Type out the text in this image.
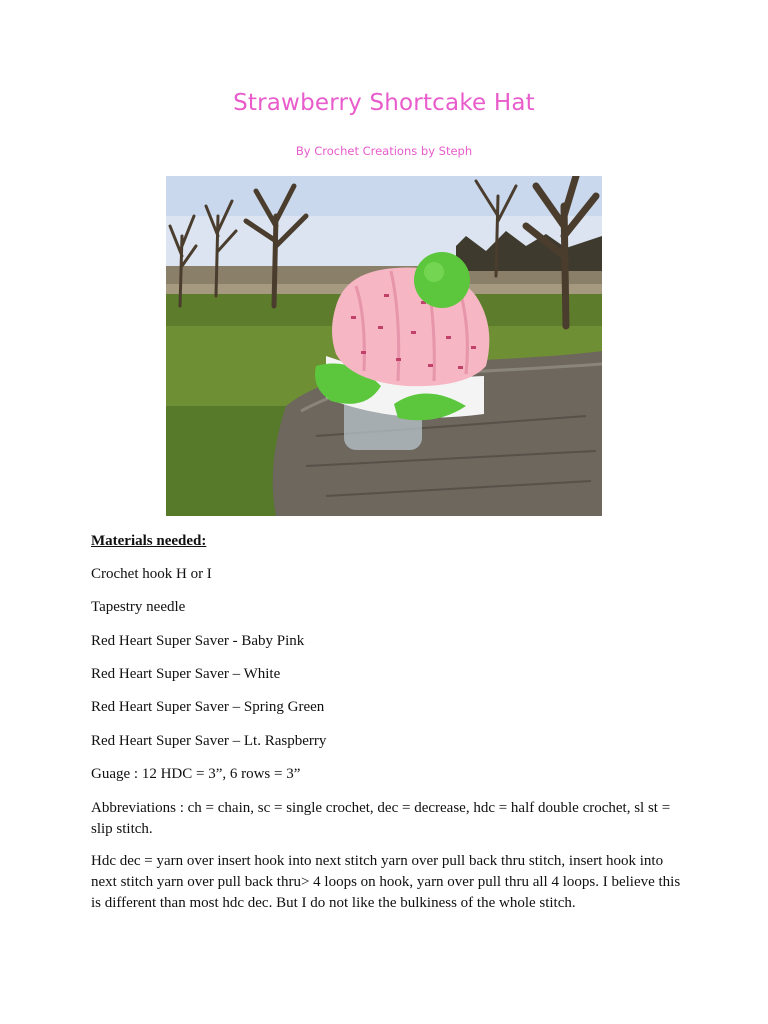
Strawberry Shortcake Hat
By Crochet Creations by Steph
Materials needed:
Crochet hook H or I
Tapestry needle
Red Heart Super Saver - Baby Pink
Red Heart Super Saver – White
Red Heart Super Saver – Spring Green
Red Heart Super Saver – Lt. Raspberry
Guage : 12 HDC = 3”, 6 rows = 3”
Abbreviations : ch = chain, sc = single crochet, dec = decrease, hdc = half double crochet, sl st = slip stitch.
Hdc dec = yarn over insert hook into next stitch yarn over pull back thru stitch, insert hook into next stitch yarn over pull back thru> 4 loops on hook, yarn over pull thru all 4 loops. I believe this is different than most hdc dec. But I do not like the bulkiness of the whole stitch.
